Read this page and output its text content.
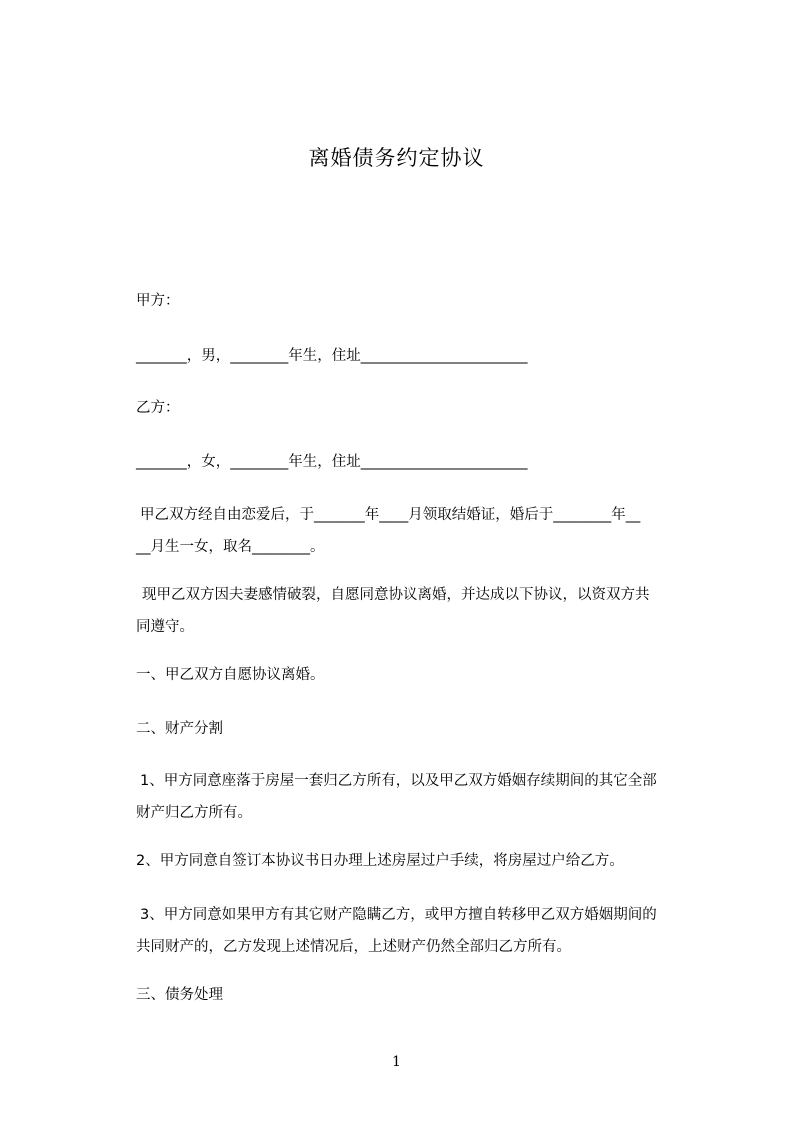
离婚债务约定协议
甲方：
_______，男，________年生，住址_______________________
乙方：
_______，女，________年生，住址_______________________
甲乙双方经自由恋爱后，于_______年____月领取结婚证，婚后于________年__
__月生一女，取名________。
现甲乙双方因夫妻感情破裂，自愿同意协议离婚，并达成以下协议，以资双方共
同遵守。
一、甲乙双方自愿协议离婚。
二、财产分割
1、甲方同意座落于房屋一套归乙方所有，以及甲乙双方婚姻存续期间的其它全部
财产归乙方所有。
2、甲方同意自签订本协议书日办理上述房屋过户手续，将房屋过户给乙方。
3、甲方同意如果甲方有其它财产隐瞒乙方，或甲方擅自转移甲乙双方婚姻期间的
共同财产的，乙方发现上述情况后，上述财产仍然全部归乙方所有。
三、债务处理
1
